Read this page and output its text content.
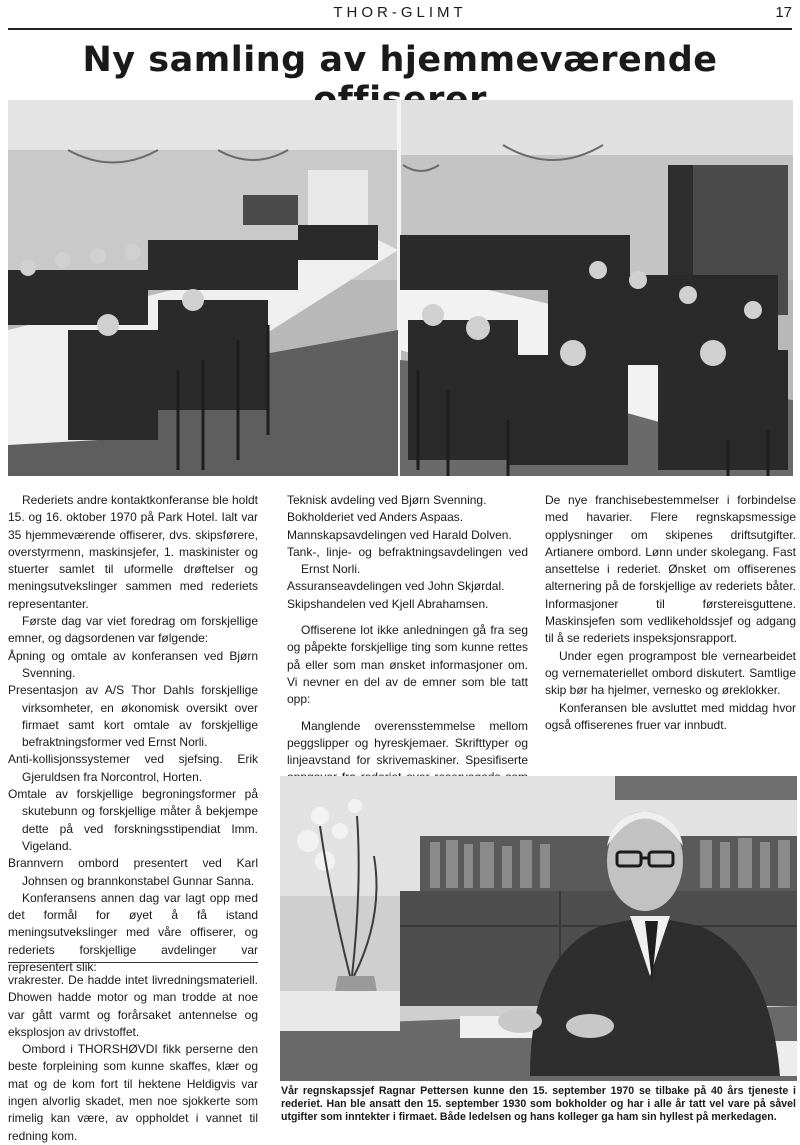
THOR-GLIMT	17
Ny samling av hjemmeværende

Rederiets andre kontaktkonferanse ble holdt 15. og 16. oktober 1970 på Park Hotel. Ialt var 35 hjemmeværende offiserer, dvs. skipsførere, overstyrmenn, maskinsjefer, 1. maskinister og stuerter samlet til uformelle drøftelser og meningsutvekslinger sammen med rederiets representanter.

Første dag var viet foredrag om forskjellige emner, og dagsordenen var følgende:

Åpning og omtale av konferansen ved Bjørn Svenning.

Presentasjon av A/S Thor Dahls forskjellige virksomheter, en økonomisk oversikt over firmaet samt kort omtale av forskjellige befraktningsformer ved Ernst Norli.

Anti-kollisjonssystemer ved sjefsing. Erik Gjeruldsen fra Norcontrol, Horten.

Omtale av forskjellige begroningsformer på skutebunn og forskjellige måter å bekjempe dette på ved forskningsstipendiat Imm. Vigeland.

Brannvern ombord presentert ved Karl Johnsen og brannkonstabel Gunnar Sanna.

Konferansens annen dag var lagt opp med det formål for øyet å få istand meningsutvekslinger med våre offiserer, og rederiets forskjellige avdelinger var representert slik:

Teknisk avdeling ved Bjørn Svenning.

Bokholderiet ved Anders Aspaas.

Mannskapsavdelingen ved Harald Dolven.

Tank-, linje- og befraktningsavdelingen ved Ernst Norli.

Assuranseavdelingen ved John Skjørdal.

Skipshandelen ved Kjell Abrahamsen.

Offiserene lot ikke anledningen gå fra seg og påpekte forskjellige ting som kunne rettes på eller som man ønsket informasjoner om. Vi nevner en del av de emner som ble tatt opp:

Manglende overensstemmelse mellom peggslipper og hyreskjemaer. Skrifttyper og linjeavstand for skrivemaskiner. Spesifiserte

De nye franchisebestemmelser i forbindelse med havarier. Flere regnskapsmessige opplysninger om skipenes driftsutgifter. Artianere ombord. Lønn under skolegang. Fast ansettelse i rederiet. Ønsket om offiserenes alternering på de forskjellige av rederiets båter. Informasjoner til førstereisguttene. Maskinsjefen som vedlikeholdssjef og adgang til å se rederiets inspeksjonsrapport.

Under egen programpost ble vernearbeidet og vernemateriellet ombord diskutert. Samtlige skip bør ha hjelmer, vernesko og øreklokker.

Konferansen ble avsluttet med middag hvor også offiserenes fruer var innbudt.

vrakrester. De hadde intet livredningsmateriell. Dhowen hadde motor og man trodde at noe var gått varmt og forårsaket antennelse og eksplosjon av drivstoffet.

Ombord i THORSHØVDI fikk perserne den beste forpleining som kunne skaffes, klær og mat og de kom fort til hektene Heldigvis var ingen alvorlig skadet, men noe sjokkerte som rimelig kan være, av oppholdet i vannet til redning kom.

Vår regnskapssjef Ragnar Pettersen kunne den 15. september 1970 se tilbake på 40 års tjeneste i rederiet. Han ble ansatt den 15. september 1930 som bokholder og har i alle år tatt vel vare på såvel utgifter som inntekter i firmaet. Både ledelsen og hans kolleger ga ham sin hyllest på merkedagen.
